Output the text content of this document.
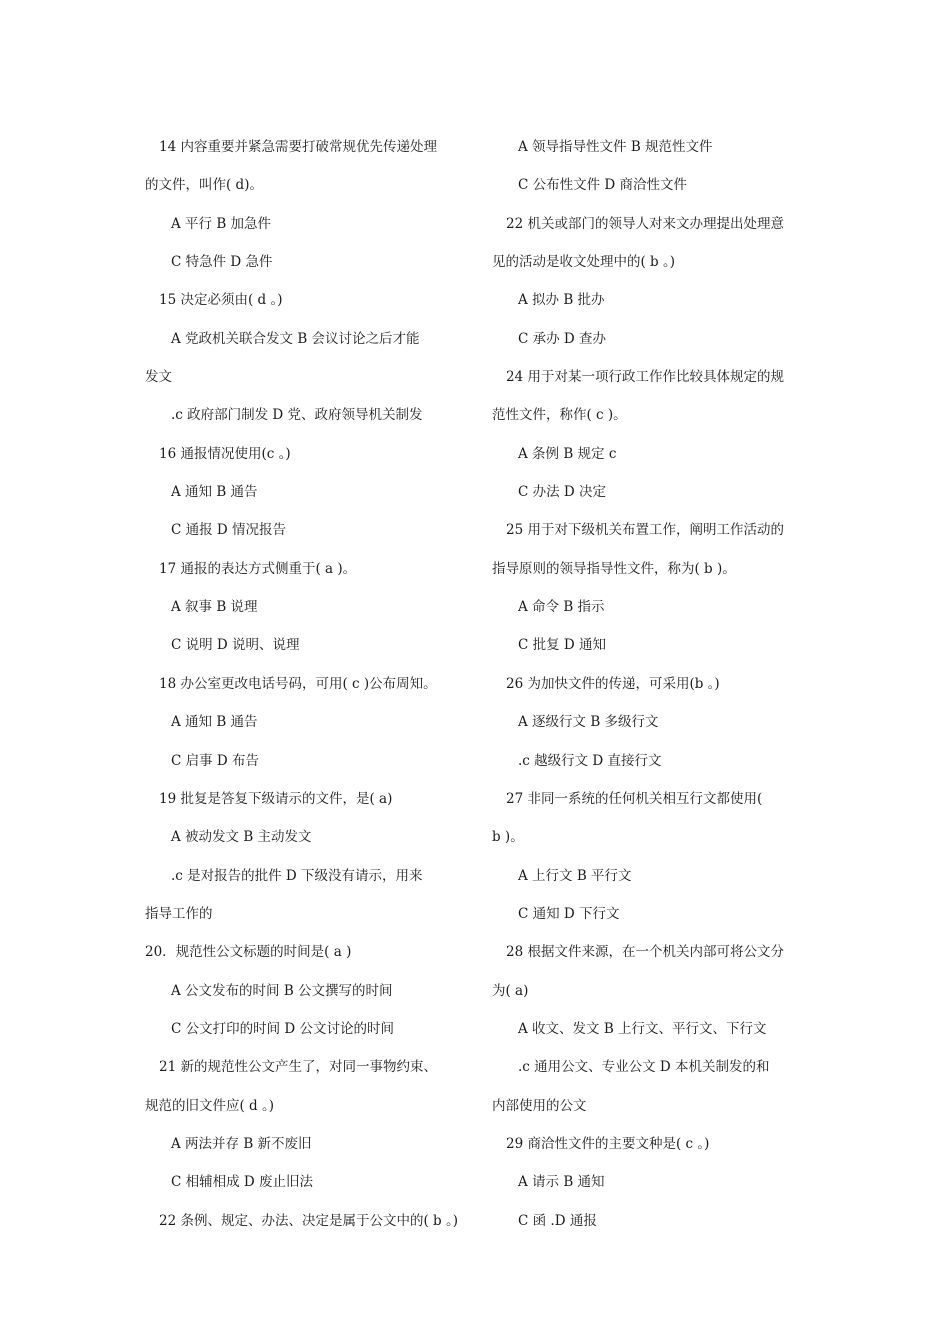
14 内容重要并紧急需要打破常规优先传递处理
的文件，叫作( d)。
A 平行 B 加急件
C 特急件 D 急件
15 决定必须由( d 。)
A 党政机关联合发文 B 会议讨论之后才能
发文
.c 政府部门制发 D 党、政府领导机关制发
16 通报情况使用(c 。)
A 通知 B 通告
C 通报 D 情况报告
17 通报的表达方式侧重于( a )。
A 叙事 B 说理
C 说明 D 说明、说理
18 办公室更改电话号码，可用( c )公布周知。
A 通知 B 通告
C 启事 D 布告
19 批复是答复下级请示的文件，是( a)
A 被动发文 B 主动发文
.c 是对报告的批件 D 下级没有请示，用来
指导工作的
20．规范性公文标题的时间是( a )
A 公文发布的时间 B 公文撰写的时间
C 公文打印的时间 D 公文讨论的时间
21 新的规范性公文产生了，对同一事物约束、
规范的旧文件应( d 。)
A 两法并存 B 新不废旧
C 相辅相成 D 废止旧法
22 条例、规定、办法、决定是属于公文中的( b 。)
A 领导指导性文件 B 规范性文件
C 公布性文件 D 商洽性文件
22 机关或部门的领导人对来文办理提出处理意
见的活动是收文处理中的( b 。)
A 拟办 B 批办
C 承办 D 查办
24 用于对某一项行政工作作比较具体规定的规
范性文件，称作( c )。
A 条例 B 规定 c
C 办法 D 决定
25 用于对下级机关布置工作，阐明工作活动的
指导原则的领导指导性文件，称为( b )。
A 命令 B 指示
C 批复 D 通知
26 为加快文件的传递，可采用(b 。)
A 逐级行文 B 多级行文
.c 越级行文 D 直接行文
27 非同一系统的任何机关相互行文都使用(
b )。
A 上行文 B 平行文
C 通知 D 下行文
28 根据文件来源，在一个机关内部可将公文分
为( a)
A 收文、发文 B 上行文、平行文、下行文
.c 通用公文、专业公文 D 本机关制发的和
内部使用的公文
29 商洽性文件的主要文种是( c 。)
A 请示 B 通知
C 函 .D 通报
